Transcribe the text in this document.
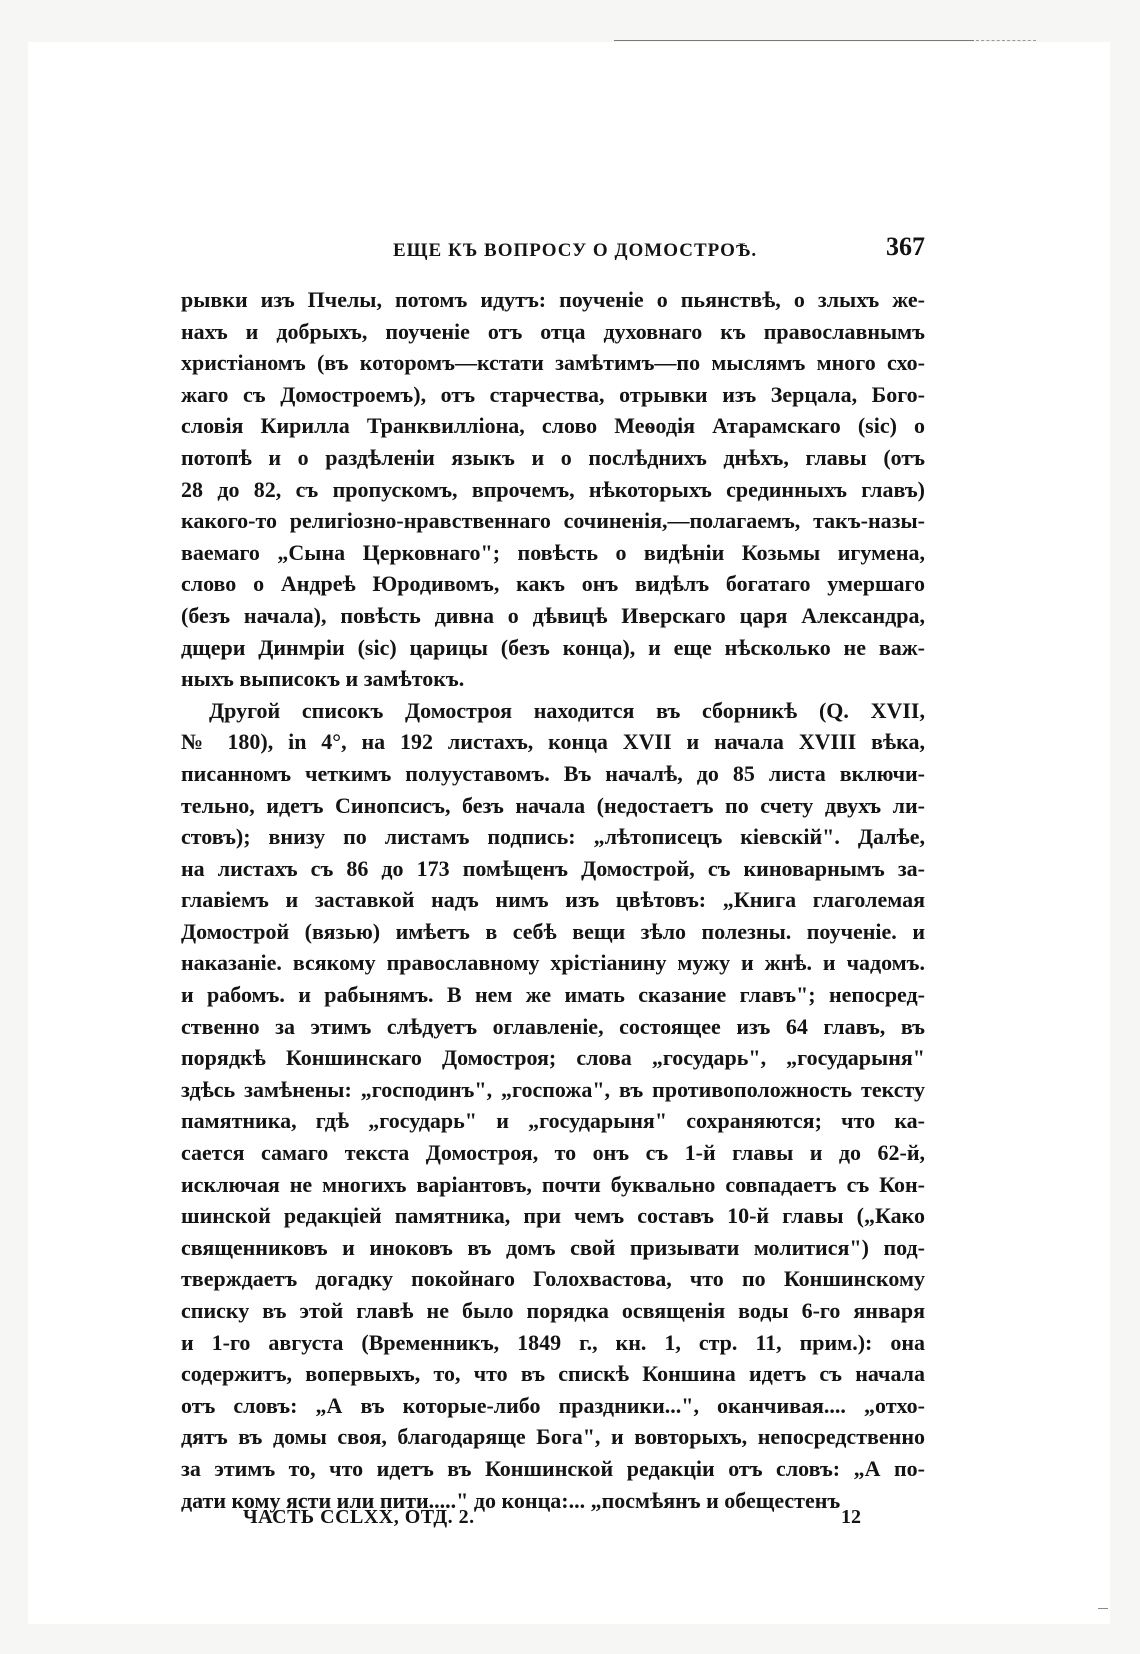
ЕЩЕ КЪ ВОПРОСУ О ДОМОСТРОѢ.	367
рывки изъ Пчелы, потомъ идутъ: поученіе о пьянствѣ, о злыхъ же-
нахъ и добрыхъ, поученіе отъ отца духовнаго къ православнымъ
христіаномъ (въ которомъ—кстати замѣтимъ—по мыслямъ много схо-
жаго съ Домостроемъ), отъ старчества, отрывки изъ Зерцала, Бого-
словія Кирилла Транквилліона, слово Меѳодія Атарамскаго (sic) о
потопѣ и о раздѣленіи языкъ и о послѣднихъ днѣхъ, главы (отъ
28 до 82, съ пропускомъ, впрочемъ, нѣкоторыхъ срединныхъ главъ)
какого-то религіозно-нравственнаго сочиненія,—полагаемъ, такъ-назы-
ваемаго „Сына Церковнаго"; повѣсть о видѣніи Козьмы игумена,
слово о Андреѣ Юродивомъ, какъ онъ видѣлъ богатаго умершаго
(безъ начала), повѣсть дивна о дѣвицѣ Иверскаго царя Александра,
дщери Динмріи (sic) царицы (безъ конца), и еще нѣсколько не важ-
ныхъ выписокъ и замѣтокъ.
Другой списокъ Домостроя находится въ сборникѣ (Q. XVII,
№ 180), in 4°, на 192 листахъ, конца XVII и начала XVIII вѣка,
писанномъ четкимъ полууставомъ. Въ началѣ, до 85 листа включи-
тельно, идетъ Синопсисъ, безъ начала (недостаетъ по счету двухъ ли-
стовъ); внизу по листамъ подпись: „лѣтописецъ кіевскій". Далѣе,
на листахъ съ 86 до 173 помѣщенъ Домострой, съ киноварнымъ за-
главіемъ и заставкой надъ нимъ изъ цвѣтовъ: „Книга глаголемая
Домострой (вязью) имѣетъ в себѣ вещи зѣло полезны. поученіе. и
наказаніе. всякому православному хрістіанину мужу и жнѣ. и чадомъ.
и рабомъ. и рабынямъ. В нем же имать сказание главъ"; непосред-
ственно за этимъ слѣдуетъ оглавленіе, состоящее изъ 64 главъ, въ
порядкѣ Коншинскаго Домостроя; слова „государь", „государыня"
здѣсь замѣнены: „господинъ", „госпожа", въ противоположность тексту
памятника, гдѣ „государь" и „государыня" сохраняются; что ка-
сается самаго текста Домостроя, то онъ съ 1-й главы и до 62-й,
исключая не многихъ варіантовъ, почти буквально совпадаетъ съ Кон-
шинской редакціей памятника, при чемъ составъ 10-й главы („Како
священниковъ и иноковъ въ домъ свой призывати молитися") под-
тверждаетъ догадку покойнаго Голохвастова, что по Коншинскому
списку въ этой главѣ не было порядка освященія воды 6-го января
и 1-го августа (Временникъ, 1849 г., кн. 1, стр. 11, прим.): она
содержитъ, вопервыхъ, то, что въ спискѣ Коншина идетъ съ начала
отъ словъ: „А въ которые-либо праздники...", оканчивая.... „отхо-
дятъ въ домы своя, благодарящe Бога", и вовторыхъ, непосредственно
за этимъ то, что идетъ въ Коншинской редакціи отъ словъ: „А по-
дати кому ясти или пити....." до конца:... „посмѣянъ и обещестенъ
ЧАСТЬ CCLXX, ОТД. 2.	12
